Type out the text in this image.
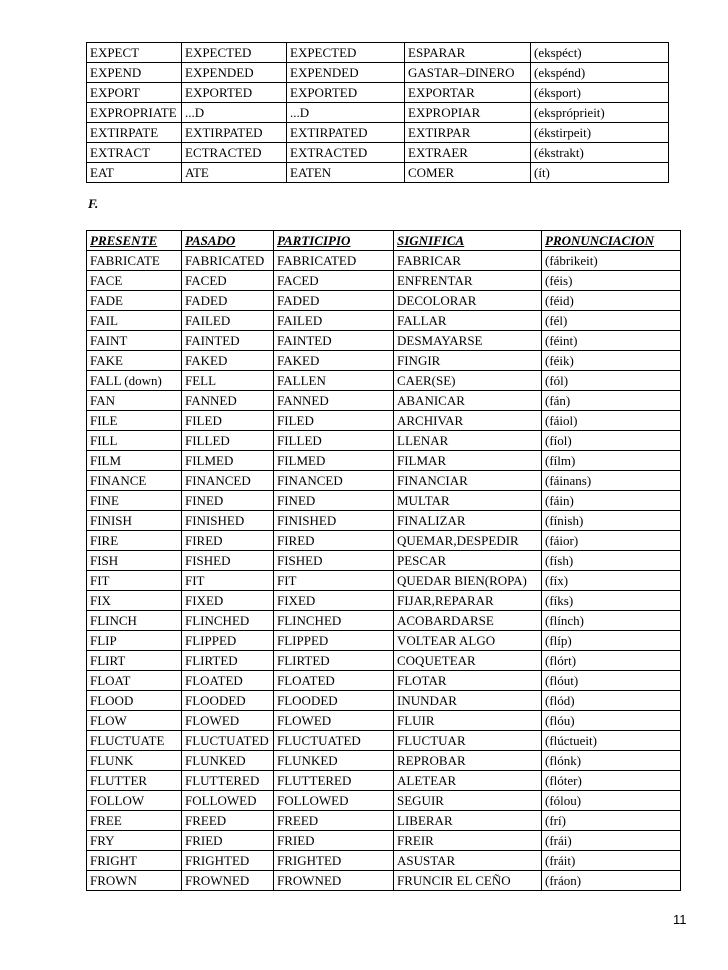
EXPECT	EXPECTED	EXPECTED	ESPARAR	(ekspéct)
EXPEND	EXPENDED	EXPENDED	GASTAR–DINERO	(ekspénd)
EXPORT	EXPORTED	EXPORTED	EXPORTAR	(éksport)
EXPROPRIATE	...D	...D	EXPROPIAR	(eksprópriеit)
EXTIRPATE	EXTIRPATED	EXTIRPATED	EXTIRPAR	(ékstirpeit)
EXTRACT	ECTRACTED	EXTRACTED	EXTRAER	(ékstrakt)
EAT	ATE	EATEN	COMER	(ít)
F.
PRESENTE	PASADO	PARTICIPIO	SIGNIFICA	PRONUNCIACION
FABRICATE	FABRICATED	FABRICATED	FABRICAR	(fábrikeit)
FACE	FACED	FACED	ENFRENTAR	(féis)
FADE	FADED	FADED	DECOLORAR	(féid)
FAIL	FAILED	FAILED	FALLAR	(fél)
FAINT	FAINTED	FAINTED	DESMAYARSE	(féint)
FAKE	FAKED	FAKED	FINGIR	(féik)
FALL (down)	FELL	FALLEN	CAER(SE)	(fól)
FAN	FANNED	FANNED	ABANICAR	(fán)
FILE	FILED	FILED	ARCHIVAR	(fáiol)
FILL	FILLED	FILLED	LLENAR	(fíol)
FILM	FILMED	FILMED	FILMAR	(fílm)
FINANCE	FINANCED	FINANCED	FINANCIAR	(fáinans)
FINE	FINED	FINED	MULTAR	(fáin)
FINISH	FINISHED	FINISHED	FINALIZAR	(fínish)
FIRE	FIRED	FIRED	QUEMAR,DESPEDIR	(fáior)
FISH	FISHED	FISHED	PESCAR	(físh)
FIT	FIT	FIT	QUEDAR BIEN(ROPA)	(fíx)
FIX	FIXED	FIXED	FIJAR,REPARAR	(fíks)
FLINCH	FLINCHED	FLINCHED	ACOBARDARSE	(flínch)
FLIP	FLIPPED	FLIPPED	VOLTEAR ALGO	(flíp)
FLIRT	FLIRTED	FLIRTED	COQUETEAR	(flórt)
FLOAT	FLOATED	FLOATED	FLOTAR	(flóut)
FLOOD	FLOODED	FLOODED	INUNDAR	(flód)
FLOW	FLOWED	FLOWED	FLUIR	(flóu)
FLUCTUATE	FLUCTUATED	FLUCTUATED	FLUCTUAR	(flúctueit)
FLUNK	FLUNKED	FLUNKED	REPROBAR	(flónk)
FLUTTER	FLUTTERED	FLUTTERED	ALETEAR	(flóter)
FOLLOW	FOLLOWED	FOLLOWED	SEGUIR	(fólou)
FREE	FREED	FREED	LIBERAR	(frí)
FRY	FRIED	FRIED	FREIR	(frái)
FRIGHT	FRIGHTED	FRIGHTED	ASUSTAR	(fráit)
FROWN	FROWNED	FROWNED	FRUNCIR EL CEÑO	(fráon)
11
